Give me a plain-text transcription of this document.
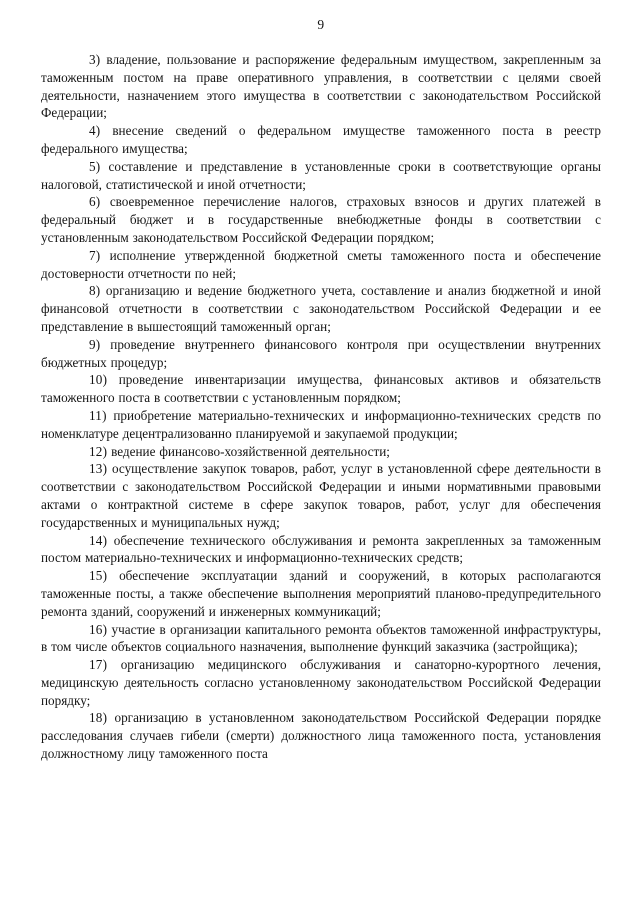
9

3) владение, пользование и распоряжение федеральным имуществом, закрепленным за таможенным постом на праве оперативного управления, в соответствии с целями своей деятельности, назначением этого имущества в соответствии с законодательством Российской Федерации;

4) внесение сведений о федеральном имуществе таможенного поста в реестр федерального имущества;

5) составление и представление в установленные сроки в соответствующие органы налоговой, статистической и иной отчетности;

6) своевременное перечисление налогов, страховых взносов и других платежей в федеральный бюджет и в государственные внебюджетные фонды в соответствии с установленным законодательством Российской Федерации порядком;

7) исполнение утвержденной бюджетной сметы таможенного поста и обеспечение достоверности отчетности по ней;

8) организацию и ведение бюджетного учета, составление и анализ бюджетной и иной финансовой отчетности в соответствии с законодательством Российской Федерации и ее представление в вышестоящий таможенный орган;

9) проведение внутреннего финансового контроля при осуществлении внутренних бюджетных процедур;

10) проведение инвентаризации имущества, финансовых активов и обязательств таможенного поста в соответствии с установленным порядком;

11) приобретение материально-технических и информационно-технических средств по номенклатуре децентрализованно планируемой и закупаемой продукции;

12) ведение финансово-хозяйственной деятельности;

13) осуществление закупок товаров, работ, услуг в установленной сфере деятельности в соответствии с законодательством Российской Федерации и иными нормативными правовыми актами о контрактной системе в сфере закупок товаров, работ, услуг для обеспечения государственных и муниципальных нужд;

14) обеспечение технического обслуживания и ремонта закрепленных за таможенным постом материально-технических и информационно-технических средств;

15) обеспечение эксплуатации зданий и сооружений, в которых располагаются таможенные посты, а также обеспечение выполнения мероприятий планово-предупредительного ремонта зданий, сооружений и инженерных коммуникаций;

16) участие в организации капитального ремонта объектов таможенной инфраструктуры, в том числе объектов социального назначения, выполнение функций заказчика (застройщика);

17) организацию медицинского обслуживания и санаторно-курортного лечения, медицинскую деятельность согласно установленному законодательством Российской Федерации порядку;

18) организацию в установленном законодательством Российской Федерации порядке расследования случаев гибели (смерти) должностного лица таможенного поста, установления должностному лицу таможенного поста
